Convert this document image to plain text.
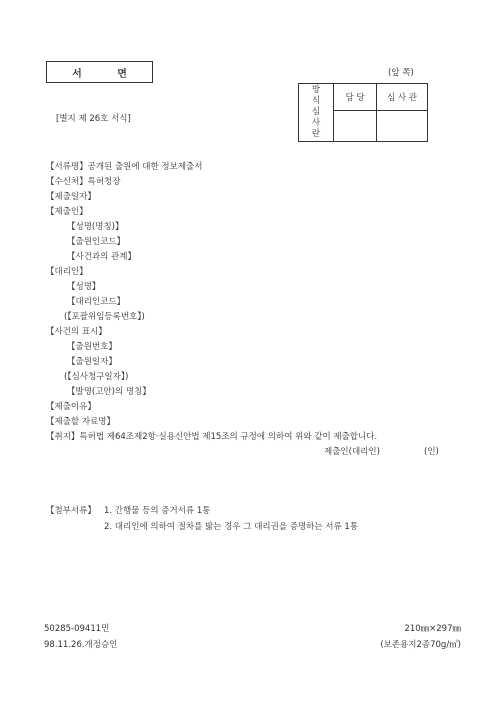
서 면	(앞 쪽)
방식심사란	담 당	심 사 관

[별지 제 26호 서식]
【서류명】공개된 출원에 대한 정보제출서
【수신처】특허청장
【제출일자】
【제출인】
【성명(명칭)】
【출원인코드】
【사건과의 관계】
【대리인】
【성명】
【대리인코드】
(【포괄위임등록번호】)
【사건의 표시】
【출원번호】
【출원일자】
(【심사청구일자】)
【발명(고안)의 명칭】
【제출이유】
【제출할 자료명】
【취지】특허법 제64조제2항·실용신안법 제15조의 규정에 의하여 위와 같이 제출합니다.
제출인(대리인)	(인)
【첨부서류】 1. 간행물 등의 증거서류 1통
2. 대리인에 의하여 절차를 밟는 경우 그 대리권을 증명하는 서류 1통
50285-09411민
98.11.26.개정승인
210㎜×297㎜
(보존용지2종70g/㎡)
